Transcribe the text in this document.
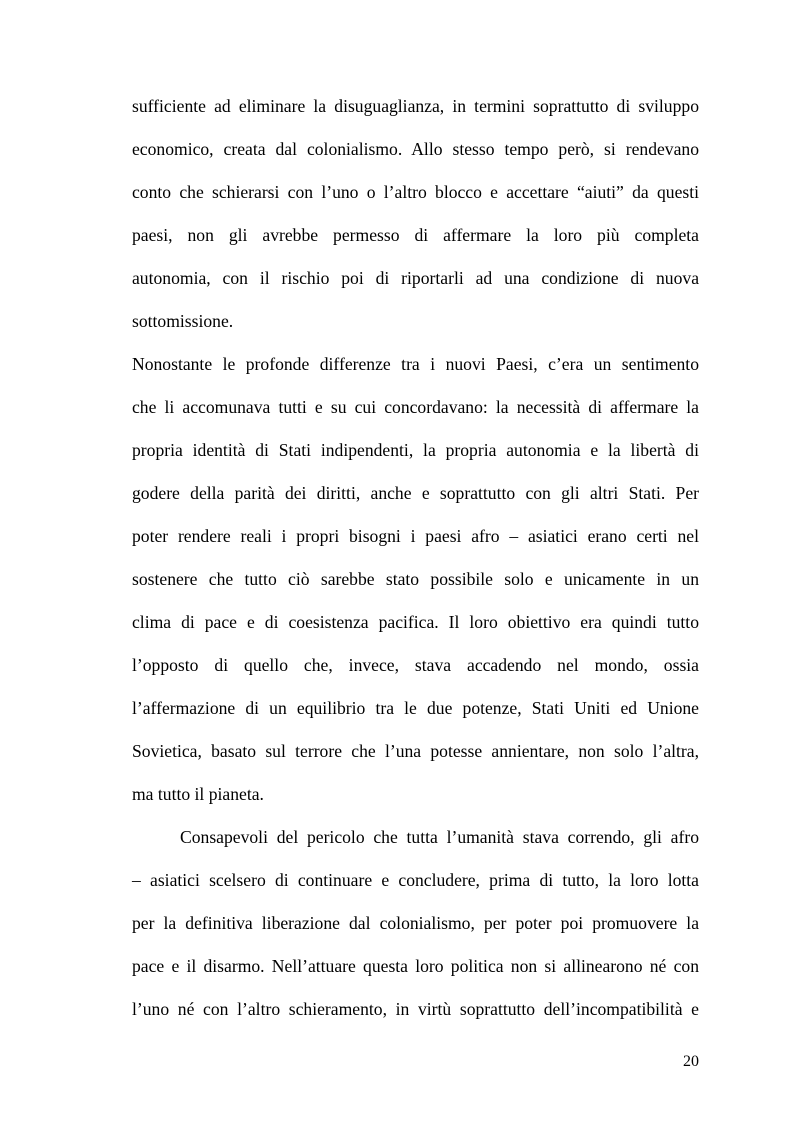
sufficiente ad eliminare la disuguaglianza, in termini soprattutto di sviluppo
economico, creata dal colonialismo. Allo stesso tempo però, si rendevano
conto che schierarsi con l’uno o l’altro blocco e accettare “aiuti” da questi
paesi, non gli avrebbe permesso di affermare la loro più completa
autonomia, con il rischio poi di riportarli ad una condizione di nuova
sottomissione.
Nonostante le profonde differenze tra i nuovi Paesi, c’era un sentimento
che li accomunava tutti e su cui concordavano: la necessità di affermare la
propria identità di Stati indipendenti, la propria autonomia e la libertà di
godere della parità dei diritti, anche e soprattutto con gli altri Stati. Per
poter rendere reali i propri bisogni i paesi afro – asiatici erano certi nel
sostenere che tutto ciò sarebbe stato possibile solo e unicamente in un
clima di pace e di coesistenza pacifica. Il loro obiettivo era quindi tutto
l’opposto di quello che, invece, stava accadendo nel mondo, ossia
l’affermazione di un equilibrio tra le due potenze, Stati Uniti ed Unione
Sovietica, basato sul terrore che l’una potesse annientare, non solo l’altra,
ma tutto il pianeta.
Consapevoli del pericolo che tutta l’umanità stava correndo, gli afro
– asiatici scelsero di continuare e concludere, prima di tutto, la loro lotta
per la definitiva liberazione dal colonialismo, per poter poi promuovere la
pace e il disarmo. Nell’attuare questa loro politica non si allinearono né con
l’uno né con l’altro schieramento, in virtù soprattutto dell’incompatibilità e
20
